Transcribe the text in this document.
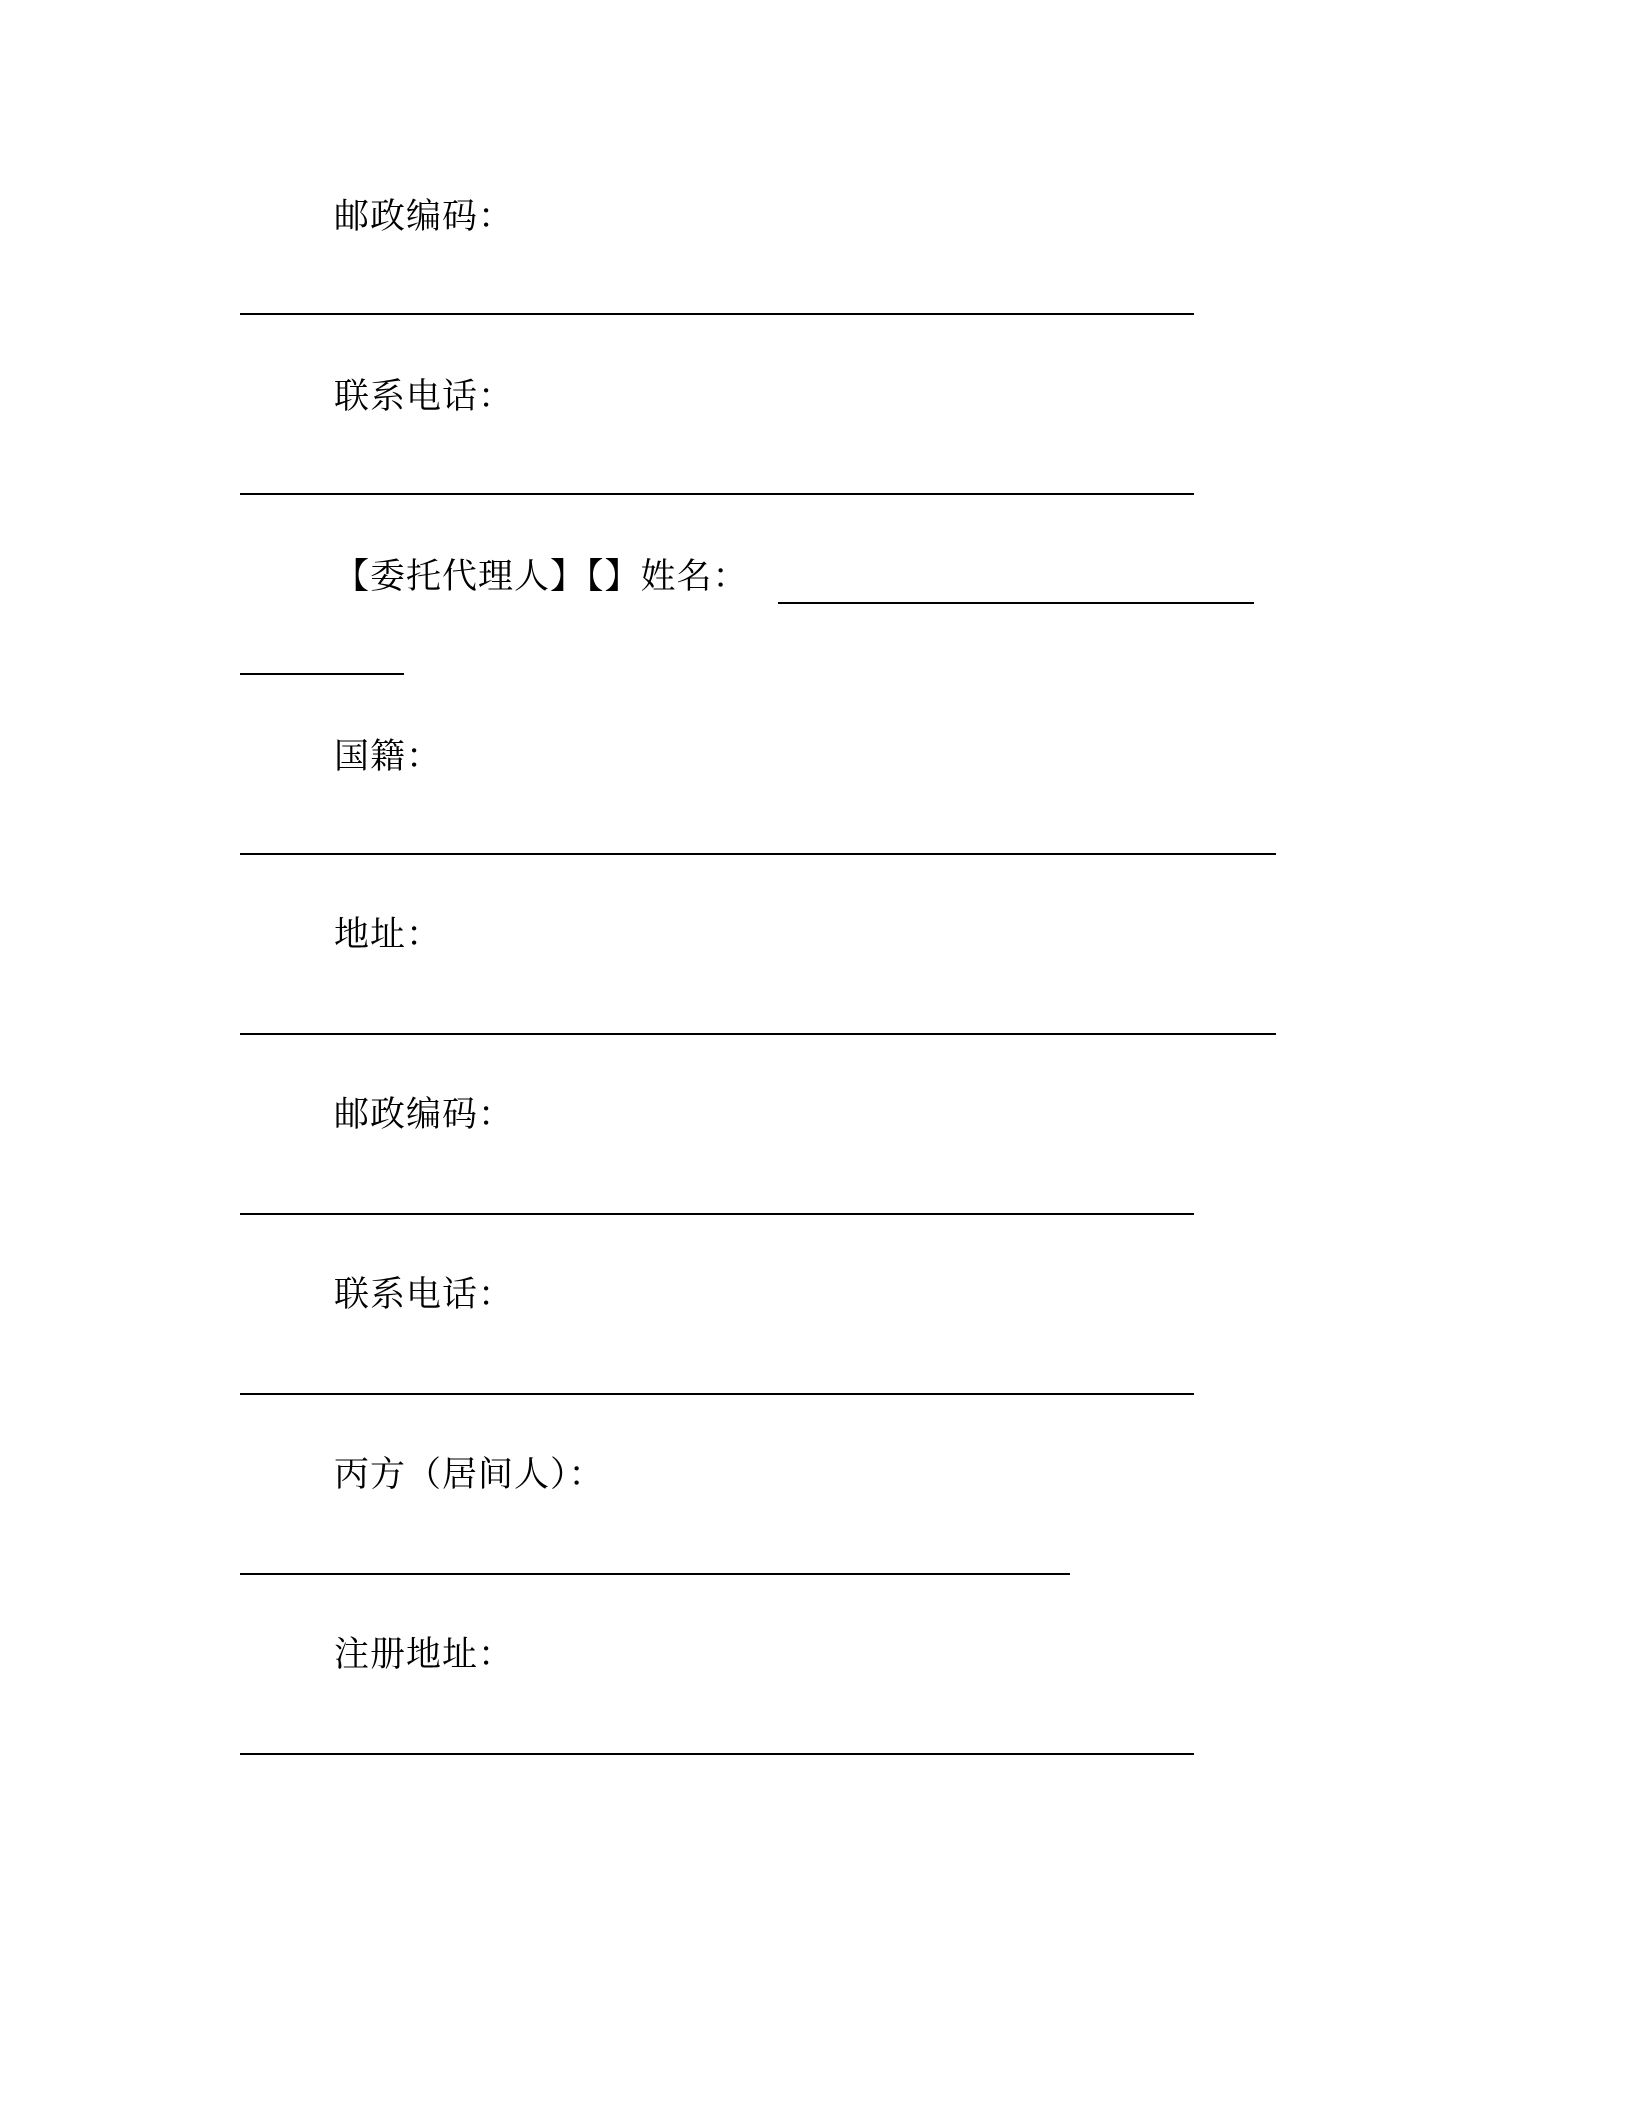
邮政编码：
联系电话：
【委托代理人】【】姓名：
国籍：
地址：
邮政编码：
联系电话：
丙方（居间人）：
注册地址：
